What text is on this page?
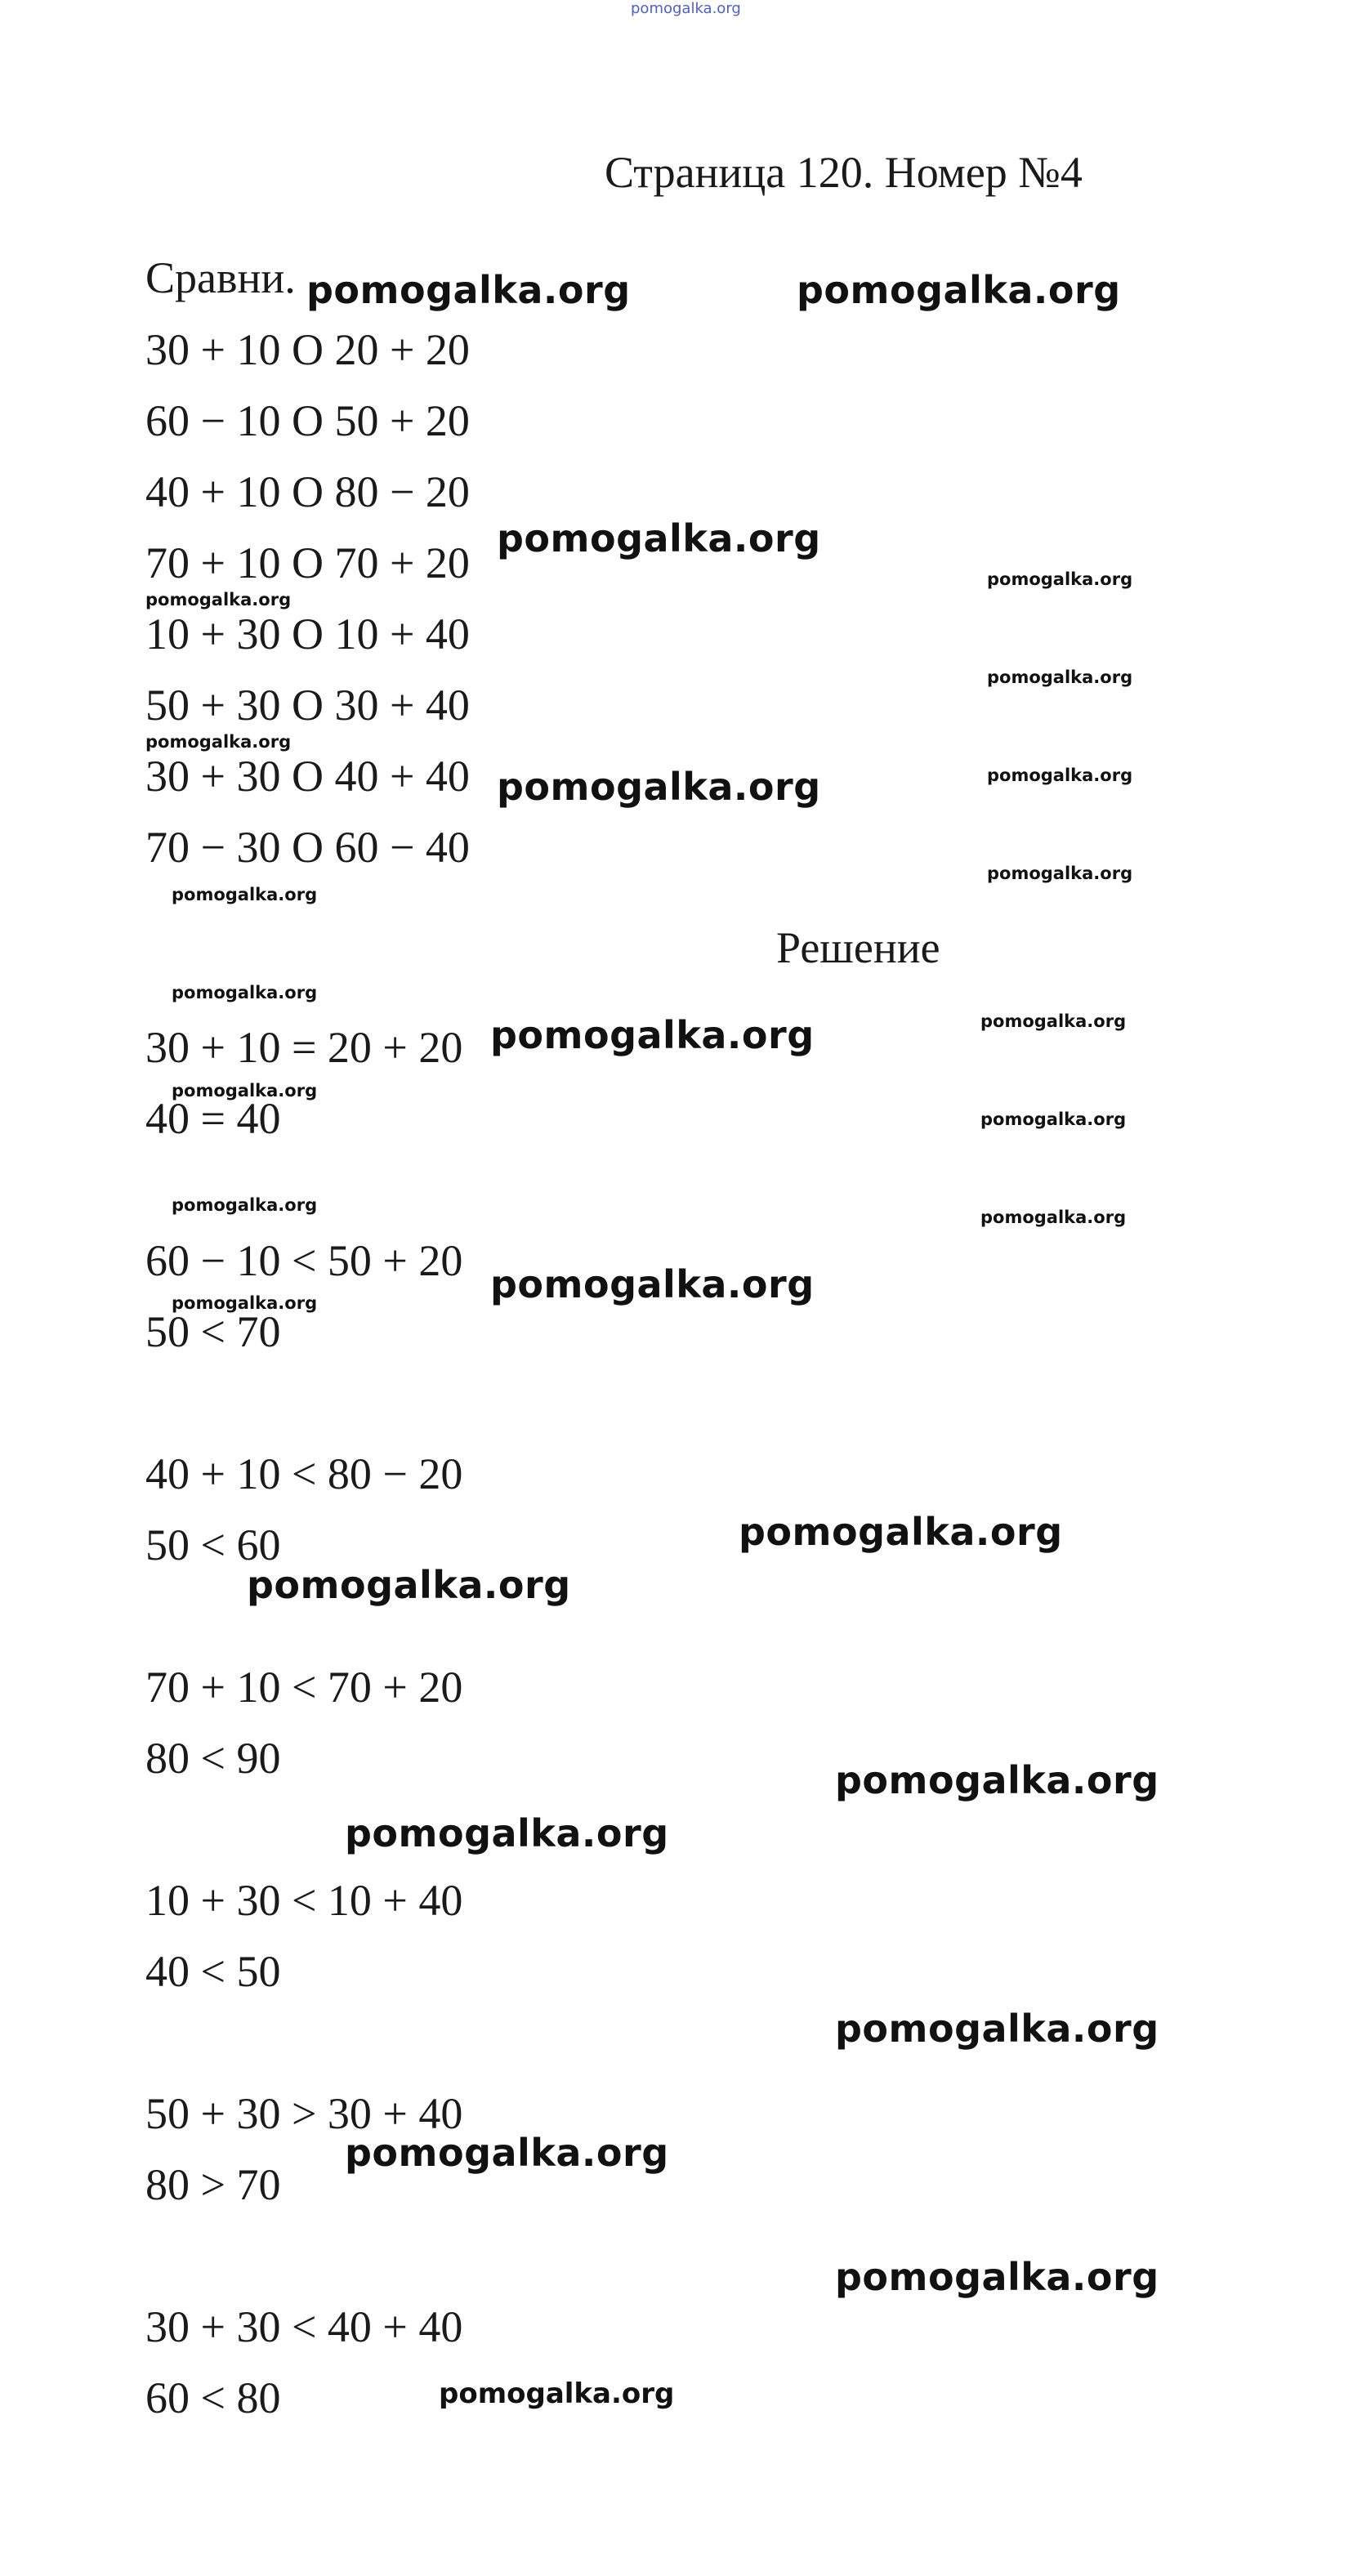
pomogalka.org
Страница 120. Номер №4
Сравни.
30 + 10 О 20 + 20
60 − 10 О 50 + 20
40 + 10 О 80 − 20
70 + 10 О 70 + 20
10 + 30 О 10 + 40
50 + 30 О 30 + 40
30 + 30 О 40 + 40
70 − 30 О 60 − 40
Решение
30 + 10 = 20 + 20
40 = 40
60 − 10 < 50 + 20
50 < 70
40 + 10 < 80 − 20
50 < 60
70 + 10 < 70 + 20
80 < 90
10 + 30 < 10 + 40
40 < 50
50 + 30 > 30 + 40
80 > 70
30 + 30 < 40 + 40
60 < 80
pomogalka.org	pomogalka.org
pomogalka.org
pomogalka.org
pomogalka.org
pomogalka.org
pomogalka.org
pomogalka.org
pomogalka.org
pomogalka.org
pomogalka.org
pomogalka.org
pomogalka.org
pomogalka.org
pomogalka.org
pomogalka.org
pomogalka.org
pomogalka.org
pomogalka.org
pomogalka.org
pomogalka.org
pomogalka.org
pomogalka.org
pomogalka.org
pomogalka.org
pomogalka.org
pomogalka.org
pomogalka.org
